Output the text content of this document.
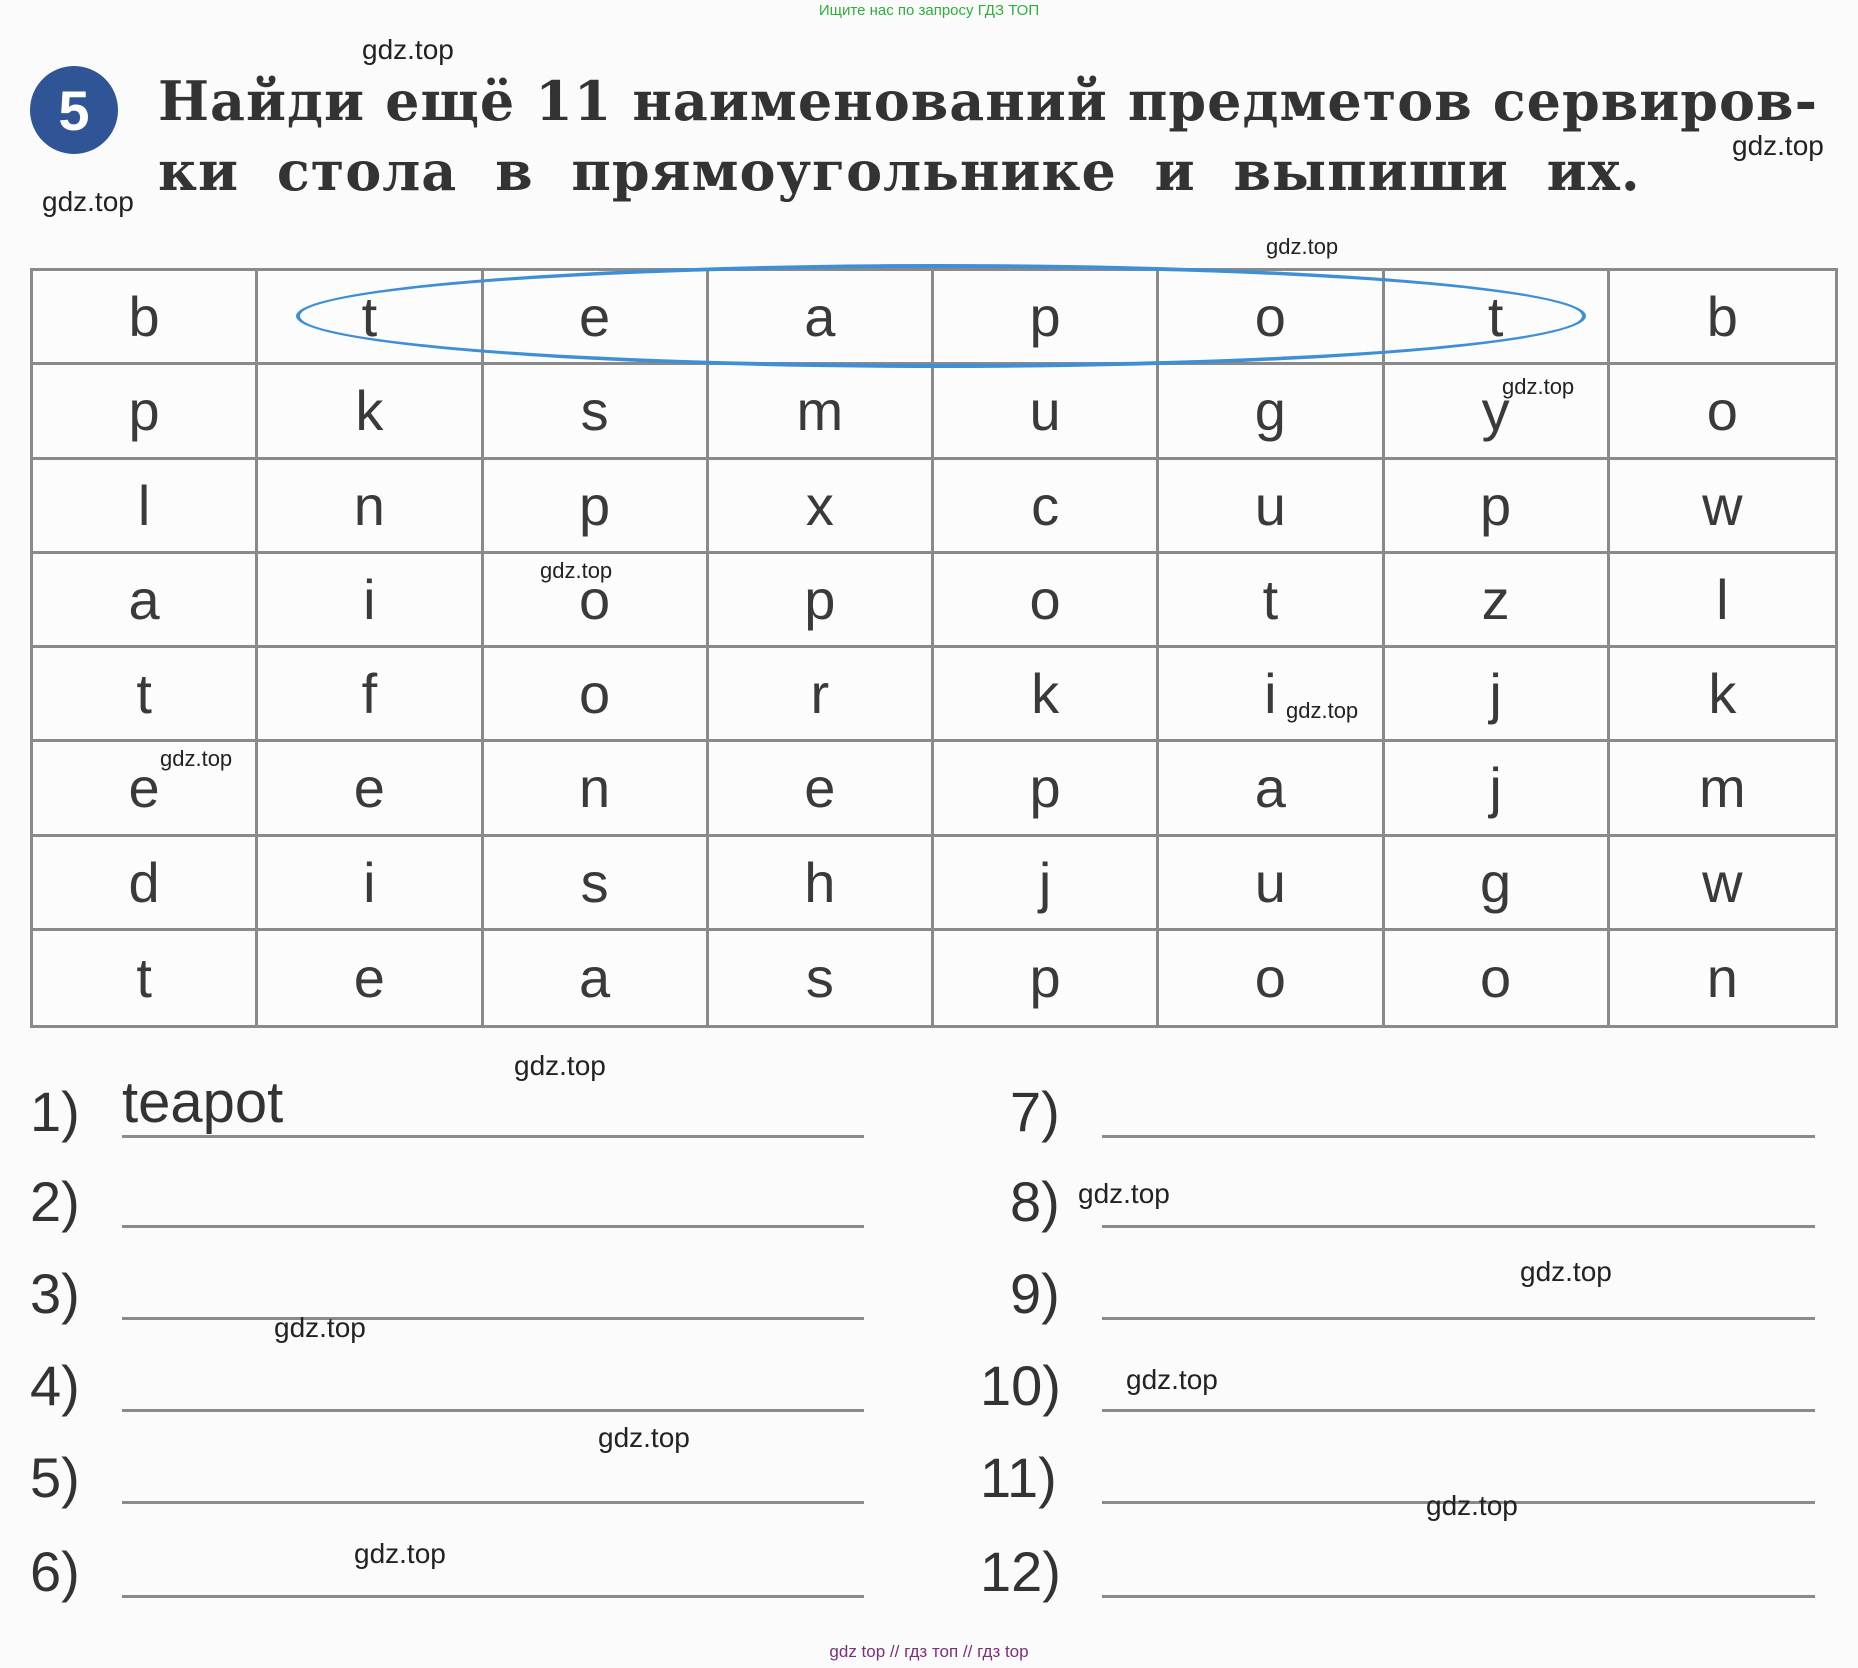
Ищите нас по запросу ГДЗ ТОП
5	Найди ещё 11 наименований предметов сервиров-
ки стола в прямоугольнике и выпиши их.
b	t	e	a	p	o	t	b
p	k	s	m	u	g	y	o
l	n	p	x	c	u	p	w
a	i	o	p	o	t	z	l
t	f	o	r	k	i	j	k
e	e	n	e	p	a	j	m
d	i	s	h	j	u	g	w
t	e	a	s	p	o	o	n
1) teapot
2)
3)
4)
5)
6)
7)
8)
9)
10)
11)
12)
gdz.top
gdz.top
gdz.top
gdz.top
gdz.top
gdz.top
gdz.top
gdz.top
gdz.top
gdz.top
gdz.top
gdz.top
gdz.top
gdz.top
gdz.top
gdz.top
gdz top // гдз топ // гдз top
